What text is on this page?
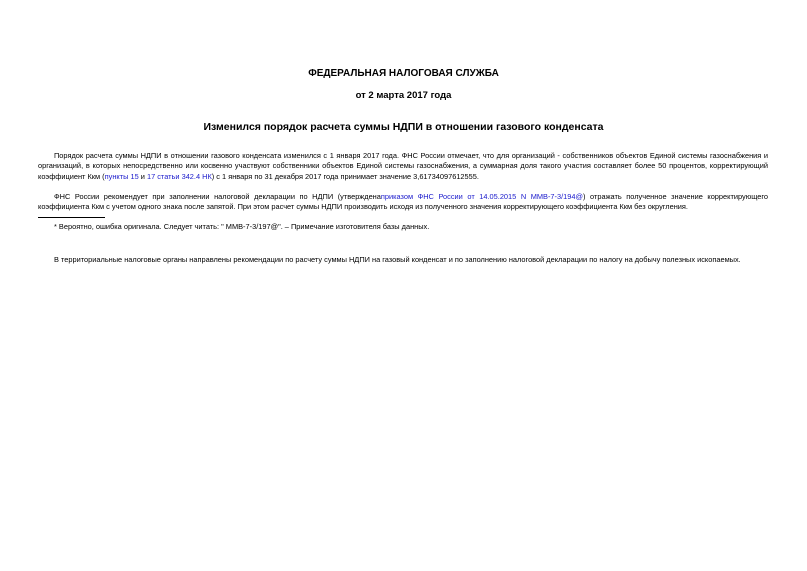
ФЕДЕРАЛЬНАЯ НАЛОГОВАЯ СЛУЖБА
от 2 марта 2017 года
Изменился порядок расчета суммы НДПИ в отношении газового конденсата
Порядок расчета суммы НДПИ в отношении газового конденсата изменился с 1 января 2017 года. ФНС России отмечает, что для организаций - собственников объектов Единой системы газоснабжения и организаций, в которых непосредственно или косвенно участвуют собственники объектов Единой системы газоснабжения, а суммарная доля такого участия составляет более 50 процентов, корректирующий коэффициент Ккм (пункты 15 и 17 статьи 342.4 НК) с 1 января по 31 декабря 2017 года принимает значение 3,61734097612555.
ФНС России рекомендует при заполнении налоговой декларации по НДПИ (утвержденаприказом ФНС России от 14.05.2015 N ММВ-7-3/194@) отражать полученное значение корректирующего коэффициента Ккм с учетом одного знака после запятой. При этом расчет суммы НДПИ производить исходя из полученного значения корректирующего коэффициента Ккм без округления.
* Вероятно, ошибка оригинала. Следует читать: " ММВ-7-3/197@". – Примечание изготовителя базы данных.
В территориальные налоговые органы направлены рекомендации по расчету суммы НДПИ на газовый конденсат и по заполнению налоговой декларации по налогу на добычу полезных ископаемых.
